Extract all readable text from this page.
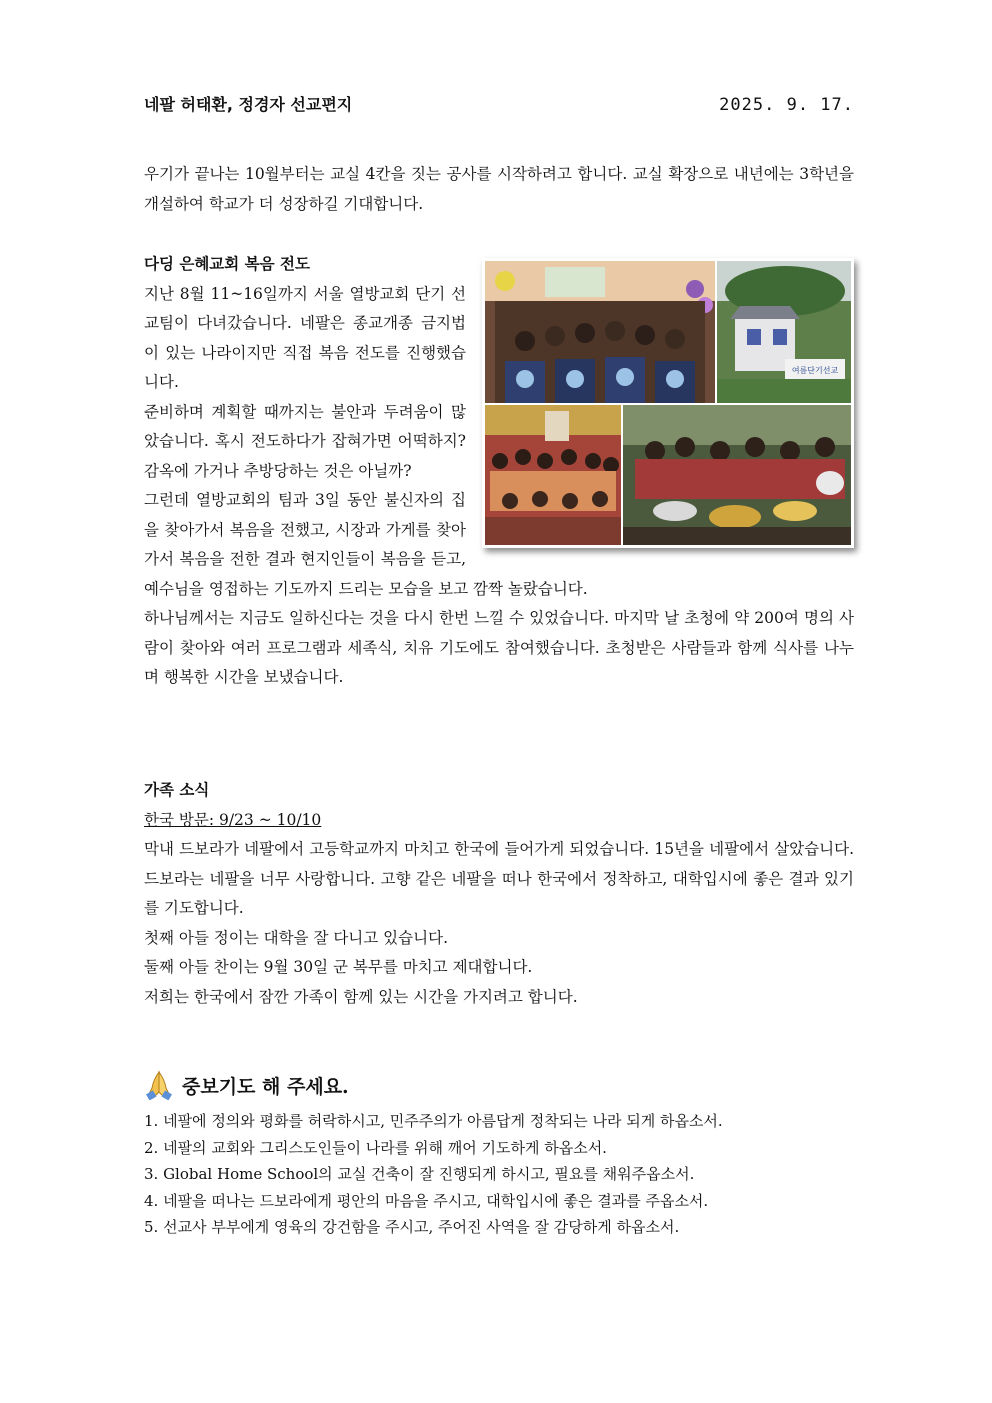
네팔 허태환, 정경자 선교편지	2025. 9. 17.

우기가 끝나는 10월부터는 교실 4칸을 짓는 공사를 시작하려고 합니다. 교실 확장으로 내년에는 3학년을 개설하여 학교가 더 성장하길 기대합니다.

여름단기선교

다딩 은혜교회 복음 전도

지난 8월 11~16일까지 서울 열방교회 단기 선교팀이 다녀갔습니다. 네팔은 종교개종 금지법이 있는 나라이지만 직접 복음 전도를 진행했습니다.

준비하며 계획할 때까지는 불안과 두려움이 많았습니다. 혹시 전도하다가 잡혀가면 어떡하지? 감옥에 가거나 추방당하는 것은 아닐까?

그런데 열방교회의 팀과 3일 동안 불신자의 집을 찾아가서 복음을 전했고, 시장과 가게를 찾아가서 복음을 전한 결과 현지인들이 복음을 듣고, 예수님을 영접하는 기도까지 드리는 모습을 보고 깜짝 놀랐습니다.

하나님께서는 지금도 일하신다는 것을 다시 한번 느낄 수 있었습니다. 마지막 날 초청에 약 200여 명의 사람이 찾아와 여러 프로그램과 세족식, 치유 기도에도 참여했습니다. 초청받은 사람들과 함께 식사를 나누며 행복한 시간을 보냈습니다.

가족 소식

한국 방문: 9/23 ~ 10/10

막내 드보라가 네팔에서 고등학교까지 마치고 한국에 들어가게 되었습니다. 15년을 네팔에서 살았습니다. 드보라는 네팔을 너무 사랑합니다. 고향 같은 네팔을 떠나 한국에서 정착하고, 대학입시에 좋은 결과 있기를 기도합니다.

첫째 아들 정이는 대학을 잘 다니고 있습니다.

둘째 아들 찬이는 9월 30일 군 복무를 마치고 제대합니다.

저희는 한국에서 잠깐 가족이 함께 있는 시간을 가지려고 합니다.

중보기도 해 주세요.
1. 네팔에 정의와 평화를 허락하시고, 민주주의가 아름답게 정착되는 나라 되게 하옵소서.
2. 네팔의 교회와 그리스도인들이 나라를 위해 깨어 기도하게 하옵소서.
3. Global Home School의 교실 건축이 잘 진행되게 하시고, 필요를 채워주옵소서.
4. 네팔을 떠나는 드보라에게 평안의 마음을 주시고, 대학입시에 좋은 결과를 주옵소서.
5. 선교사 부부에게 영육의 강건함을 주시고, 주어진 사역을 잘 감당하게 하옵소서.
